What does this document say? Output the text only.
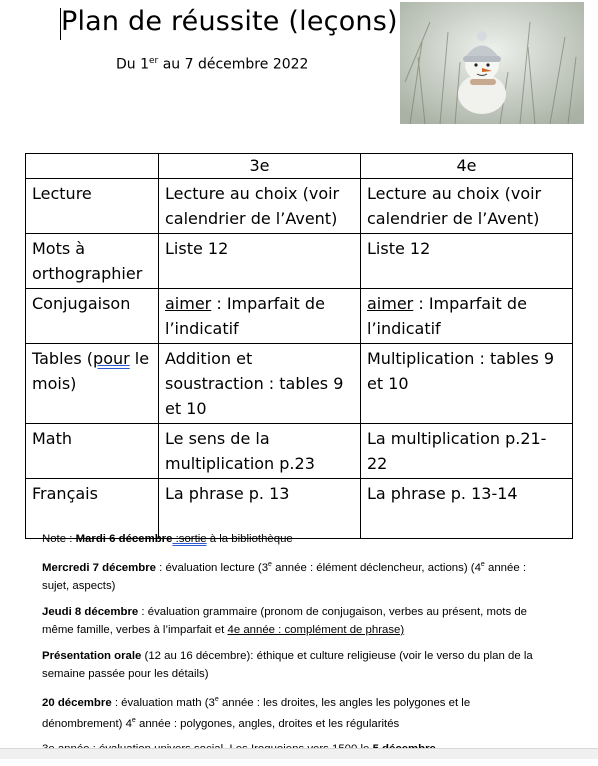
Plan de réussite (leçons)
Du 1er au 7 décembre 2022
	3e	4e
Lecture	Lecture au choix (voir calendrier de l’Avent)	Lecture au choix (voir calendrier de l’Avent)
Mots à orthographier	Liste 12	Liste 12
Conjugaison	aimer : Imparfait de l’indicatif	aimer : Imparfait de l’indicatif
Tables (pour le mois)	Addition et soustraction : tables 9 et 10	Multiplication : tables 9 et 10
Math	Le sens de la multiplication p.23	La multiplication p.21-22
Français	La phrase p. 13	La phrase p. 13-14

Note : Mardi 6 décembre :sortie à la bibliothèque

Mercredi 7 décembre : évaluation lecture (3e année : élément déclencheur, actions) (4e année : sujet, aspects)

Jeudi 8 décembre : évaluation grammaire (pronom de conjugaison, verbes au présent, mots de même famille, verbes à l’imparfait et 4e année : complément de phrase)

Présentation orale (12 au 16 décembre): éthique et culture religieuse (voir le verso du plan de la semaine passée pour les détails)

20 décembre : évaluation math (3e année : les droites, les angles les polygones et le dénombrement) 4e année : polygones, angles, droites et les régularités
